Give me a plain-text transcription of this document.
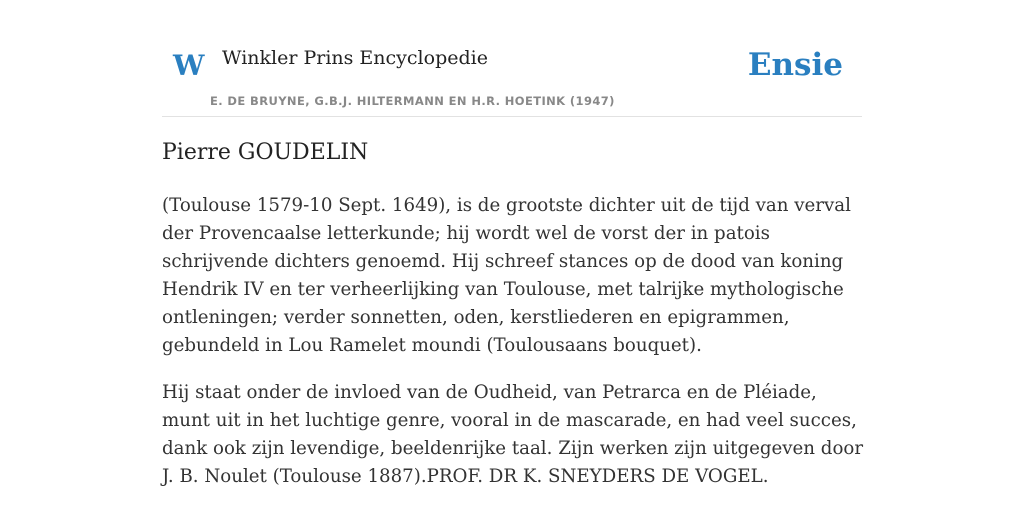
W Winkler Prins Encyclopedie
E. DE BRUYNE, G.B.J. HILTERMANN EN H.R. HOETINK (1947)
Ensie
Pierre GOUDELIN

(Toulouse 1579-10 Sept. 1649), is de grootste dichter uit de tijd van verval der Provencaalse letterkunde; hij wordt wel de vorst der in patois schrijvende dichters genoemd. Hij schreef stances op de dood van koning Hendrik IV en ter verheerlijking van Toulouse, met talrijke mythologische ontleningen; verder sonnetten, oden, kerstliederen en epigrammen, gebundeld in Lou Ramelet moundi (Toulousaans bouquet).

Hij staat onder de invloed van de Oudheid, van Petrarca en de Pléiade, munt uit in het luchtige genre, vooral in de mascarade, en had veel succes, dank ook zijn levendige, beeldenrijke taal. Zijn werken zijn uitgegeven door J. B. Noulet (Toulouse 1887).PROF. DR K. SNEYDERS DE VOGEL.
